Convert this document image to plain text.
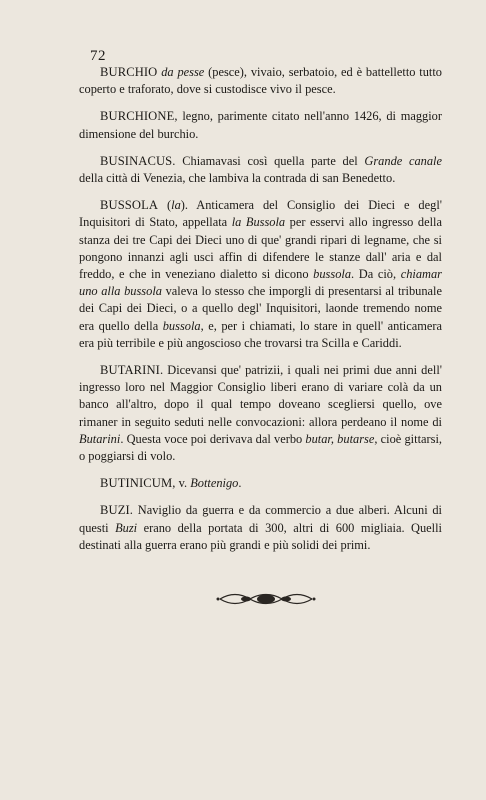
72

BURCHIO da pesse (pesce), vivaio, serbatoio, ed è battelletto tutto coperto e traforato, dove si custodisce vivo il pesce.

BURCHIONE, legno, parimente citato nell'anno 1426, di maggior dimensione del burchio.

BUSINACUS. Chiamavasi così quella parte del Grande canale della città di Venezia, che lambiva la contrada di san Benedetto.

BUSSOLA (la). Anticamera del Consiglio dei Dieci e degl' Inquisitori di Stato, appellata la Bussola per esservi allo ingresso della stanza dei tre Capi dei Dieci uno di que' grandi ripari di legname, che si pongono innanzi agli usci affin di difendere le stanze dall' aria e dal freddo, e che in veneziano dialetto si dicono bussola. Da ciò, chiamar uno alla bussola valeva lo stesso che imporgli di presentarsi al tribunale dei Capi dei Dieci, o a quello degl' Inquisitori, laonde tremendo nome era quello della bussola, e, per i chiamati, lo stare in quell' anticamera era più terribile e più angoscioso che trovarsi tra Scilla e Cariddi.

BUTARINI. Dicevansi que' patrizii, i quali nei primi due anni dell' ingresso loro nel Maggior Consiglio liberi erano di variare colà da un banco all'altro, dopo il qual tempo doveano scegliersi quello, ove rimaner in seguito seduti nelle convocazioni: allora perdeano il nome di Butarini. Questa voce poi derivava dal verbo butar, butarse, cioè gittarsi, o poggiarsi di volo.

BUTINICUM, v. Bottenigo.

BUZI. Naviglio da guerra e da commercio a due alberi. Alcuni di questi Buzi erano della portata di 300, altri di 600 migliaia. Quelli destinati alla guerra erano più grandi e più solidi dei primi.
